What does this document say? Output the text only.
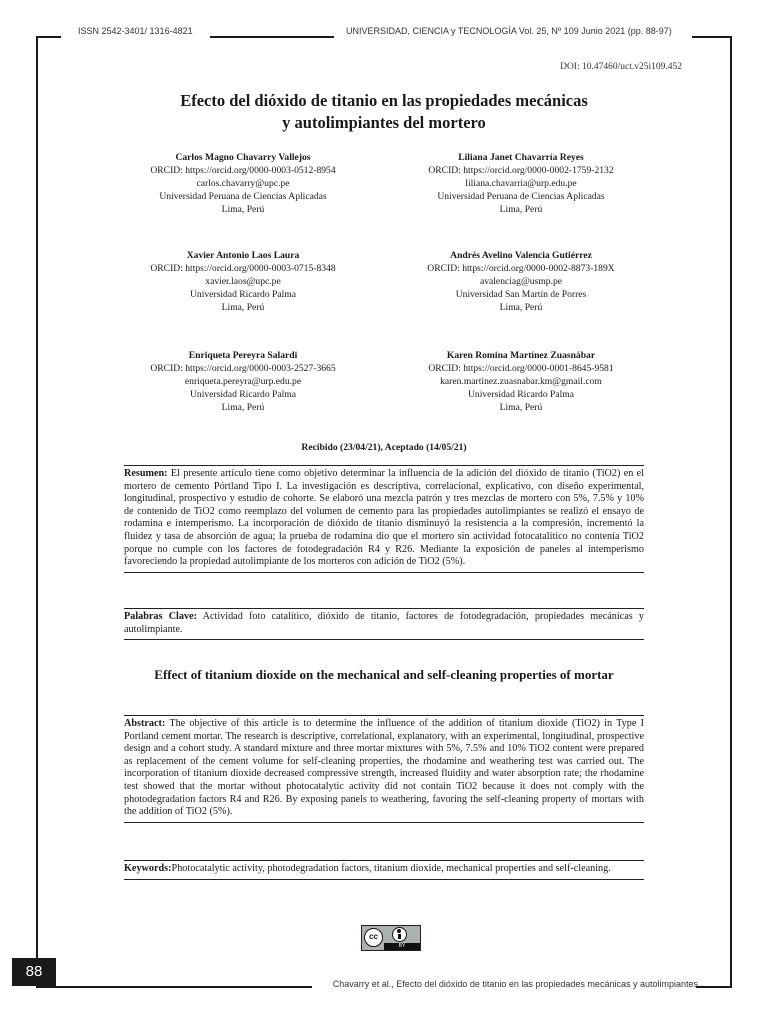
ISSN 2542-3401/ 1316-4821	UNIVERSIDAD, CIENCIA y TECNOLOGÍA Vol. 25, Nº 109 Junio 2021 (pp. 88-97)
DOI: 10.47460/uct.v25i109.452
Efecto del dióxido de titanio en las propiedades mecánicas
y autolimpiantes del mortero
Carlos Magno Chavarry Vallejos
ORCID: https://orcid.org/0000-0003-0512-8954
carlos.chavarry@upc.pe
Universidad Peruana de Ciencias Aplicadas
Lima, Perú
Liliana Janet Chavarría Reyes
ORCID: https://orcid.org/0000-0002-1759-2132
liliana.chavarria@urp.edu.pe
Universidad Peruana de Ciencias Aplicadas
Lima, Perú
Xavier Antonio Laos Laura
ORCID: https://orcid.org/0000-0003-0715-8348
xavier.laos@upc.pe
Universidad Ricardo Palma
Lima, Perú
Andrés Avelino Valencia Gutiérrez
ORCID: https://orcid.org/0000-0002-8873-189X
avalenciag@usmp.pe
Universidad San Martín de Porres
Lima, Perú
Enriqueta Pereyra Salardi
ORCID: https://orcid.org/0000-0003-2527-3665
enriqueta.pereyra@urp.edu.pe
Universidad Ricardo Palma
Lima, Perú
Karen Romina Martínez Zuasnábar
ORCID: https://orcid.org/0000-0001-8645-9581
karen.martinez.zuasnabar.km@gmail.com
Universidad Ricardo Palma
Lima, Perú
Recibido (23/04/21), Aceptado (14/05/21)
Resumen: El presente artículo tiene como objetivo determinar la influencia de la adición del dióxido de titanio (TiO2) en el mortero de cemento Pórtland Tipo I. La investigación es descriptiva, correlacional, explicativo, con diseño experimental, longitudinal, prospectivo y estudio de cohorte. Se elaboró una mezcla patrón y tres mezclas de mortero con 5%, 7.5% y 10% de contenido de TiO2 como reemplazo del volumen de cemento para las propiedades autolimpiantes se realizó el ensayo de rodamina e intemperismo. La incorporación de dióxido de titanio disminuyó la resistencia a la compresión, incrementó la fluidez y tasa de absorción de agua; la prueba de rodamina dio que el mortero sin actividad fotocatalítico no contenía TiO2 porque no cumple con los factores de fotodegradación R4 y R26. Mediante la exposición de paneles al intemperismo favoreciendo la propiedad autolimpiante de los morteros con adición de TiO2 (5%).
Palabras Clave: Actividad foto catalítico, dióxido de titanio, factores de fotodegradación, propiedades mecánicas y autolimpiante.
Effect of titanium dioxide on the mechanical and self-cleaning properties of mortar
Abstract: The objective of this article is to determine the influence of the addition of titanium dioxide (TiO2) in Type I Portland cement mortar. The research is descriptive, correlational, explanatory, with an experimental, longitudinal, prospective design and a cohort study. A standard mixture and three mortar mixtures with 5%, 7.5% and 10% TiO2 content were prepared as replacement of the cement volume for self-cleaning properties, the rhodamine and weathering test was carried out. The incorporation of titanium dioxide decreased compressive strength, increased fluidity and water absorption rate; the rhodamine test showed that the mortar without photocatalytic activity did not contain TiO2 because it does not comply with the photodegradation factors R4 and R26. By exposing panels to weathering, favoring the self-cleaning property of mortars with the addition of TiO2 (5%).
Keywords:Photocatalytic activity, photodegradation factors, titanium dioxide, mechanical properties and self-cleaning.
cc
BY
88
Chavarry et al., Efecto del dióxido de titanio en las propiedades mecánicas y autolimpiantes
